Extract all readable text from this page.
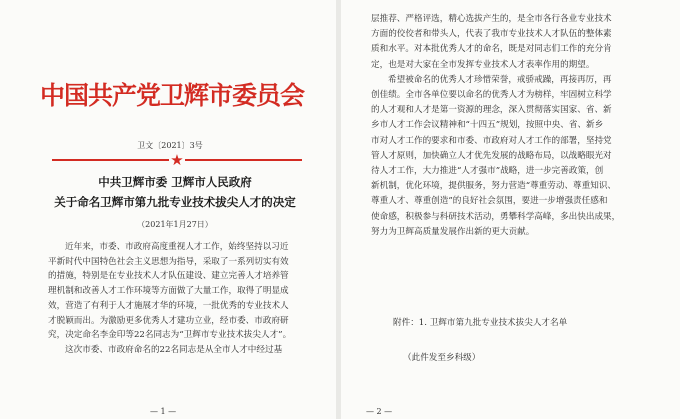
中国共产党卫辉市委员会
卫文〔2021〕3号
★
中共卫辉市委 卫辉市人民政府
关于命名卫辉市第九批专业技术拔尖人才的决定
（2021年1月27日）

近年来，市委、市政府高度重视人才工作，始终坚持以习近

平新时代中国特色社会主义思想为指导，采取了一系列切实有效

的措施，特别是在专业技术人才队伍建设、建立完善人才培养管

理机制和改善人才工作环境等方面做了大量工作，取得了明显成

效，营造了有利于人才施展才华的环境，一批优秀的专业技术人

才脱颖而出。为激励更多优秀人才建功立业，经市委、市政府研

究，决定命名李金印等22名同志为“卫辉市专业技术拔尖人才”。

这次市委、市政府命名的22名同志是从全市人才中经过基

— 1 —

层推荐、严格评选，精心选拔产生的，是全市各行各业专业技术

方面的佼佼者和带头人，代表了我市专业技术人才队伍的整体素

质和水平。对本批优秀人才的命名，既是对同志们工作的充分肯

定，也是对大家在全市发挥专业技术人才表率作用的期望。

希望被命名的优秀人才珍惜荣誉，戒骄戒躁，再接再厉，再

创佳绩。全市各单位要以命名的优秀人才为榜样，牢固树立科学

的人才观和人才是第一资源的理念，深入贯彻落实国家、省、新

乡市人才工作会议精神和“十四五”规划，按照中央、省、新乡

市对人才工作的要求和市委、市政府对人才工作的部署，坚持党

管人才原则，加快确立人才优先发展的战略布局，以战略眼光对

待人才工作，大力推进“人才强市”战略，进一步完善政策，创

新机制，优化环境，提供服务，努力营造“尊重劳动、尊重知识、

尊重人才、尊重创造”的良好社会氛围，要进一步增强责任感和

使命感，积极参与科研技术活动，勇攀科学高峰，多出快出成果，

努力为卫辉高质量发展作出新的更大贡献。

附件：1. 卫辉市第九批专业技术拔尖人才名单
（此件发至乡科级）
— 2 —
